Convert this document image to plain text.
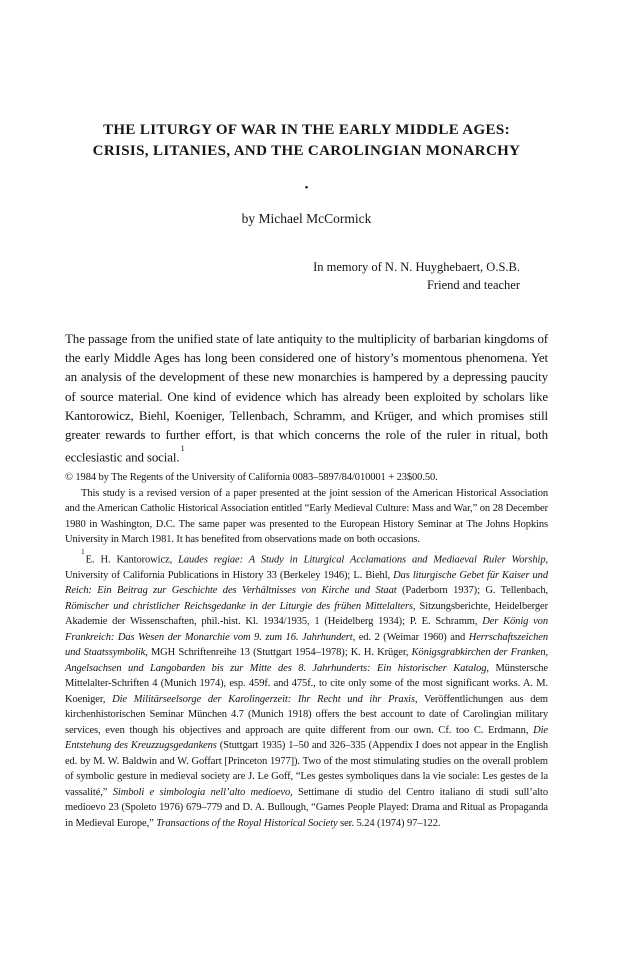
THE LITURGY OF WAR IN THE EARLY MIDDLE AGES:
CRISIS, LITANIES, AND THE CAROLINGIAN MONARCHY
•
by Michael McCormick
In memory of N. N. Huyghebaert, O.S.B.
Friend and teacher

The passage from the unified state of late antiquity to the multiplicity of barbarian kingdoms of the early Middle Ages has long been considered one of history’s momentous phenomena. Yet an analysis of the development of these new monarchies is hampered by a depressing paucity of source material. One kind of evidence which has already been exploited by scholars like Kantorowicz, Biehl, Koeniger, Tellenbach, Schramm, and Krüger, and which promises still greater rewards to further effort, is that which concerns the role of the ruler in ritual, both ecclesiastic and social.$^1$

© 1984 by The Regents of the University of California 0083–5897/84/010001 + 23$00.50.

This study is a revised version of a paper presented at the joint session of the American Historical Association and the American Catholic Historical Association entitled “Early Medieval Culture: Mass and War,” on 28 December 1980 in Washington, D.C. The same paper was presented to the European History Seminar at The Johns Hopkins University in March 1981. It has benefited from observations made on both occasions.

$^1$E. H. Kantorowicz, Laudes regiae: A Study in Liturgical Acclamations and Mediaeval Ruler Worship, University of California Publications in History 33 (Berkeley 1946); L. Biehl, Das liturgische Gebet für Kaiser und Reich: Ein Beitrag zur Geschichte des Verhältnisses von Kirche und Staat (Paderborn 1937); G. Tellenbach, Römischer und christlicher Reichsgedanke in der Liturgie des frühen Mittelalters, Sitzungsberichte, Heidelberger Akademie der Wissenschaften, phil.-hist. Kl. 1934/1935, 1 (Heidelberg 1934); P. E. Schramm, Der König von Frankreich: Das Wesen der Monarchie vom 9. zum 16. Jahrhundert, ed. 2 (Weimar 1960) and Herrschaftszeichen und Staatssymbolik, MGH Schriftenreihe 13 (Stuttgart 1954–1978); K. H. Krüger, Königsgrabkirchen der Franken, Angelsachsen und Langobarden bis zur Mitte des 8. Jahrhunderts: Ein historischer Katalog, Münstersche Mittelalter-Schriften 4 (Munich 1974), esp. 459f. and 475f., to cite only some of the most significant works. A. M. Koeniger, Die Militärseelsorge der Karolingerzeit: Ihr Recht und ihr Praxis, Veröffentlichungen aus dem kirchenhistorischen Seminar München 4.7 (Munich 1918) offers the best account to date of Carolingian military services, even though his objectives and approach are quite different from our own. Cf. too C. Erdmann, Die Entstehung des Kreuzzugsgedankens (Stuttgart 1935) 1–50 and 326–335 (Appendix I does not appear in the English ed. by M. W. Baldwin and W. Goffart [Princeton 1977]). Two of the most stimulating studies on the overall problem of symbolic gesture in medieval society are J. Le Goff, “Les gestes symboliques dans la vie sociale: Les gestes de la vassalité,” Simboli e simbologia nell’alto medioevo, Settimane di studio del Centro italiano di studi sull’alto medioevo 23 (Spoleto 1976) 679–779 and D. A. Bullough, “Games People Played: Drama and Ritual as Propaganda in Medieval Europe,” Transactions of the Royal Historical Society ser. 5.24 (1974) 97–122.
